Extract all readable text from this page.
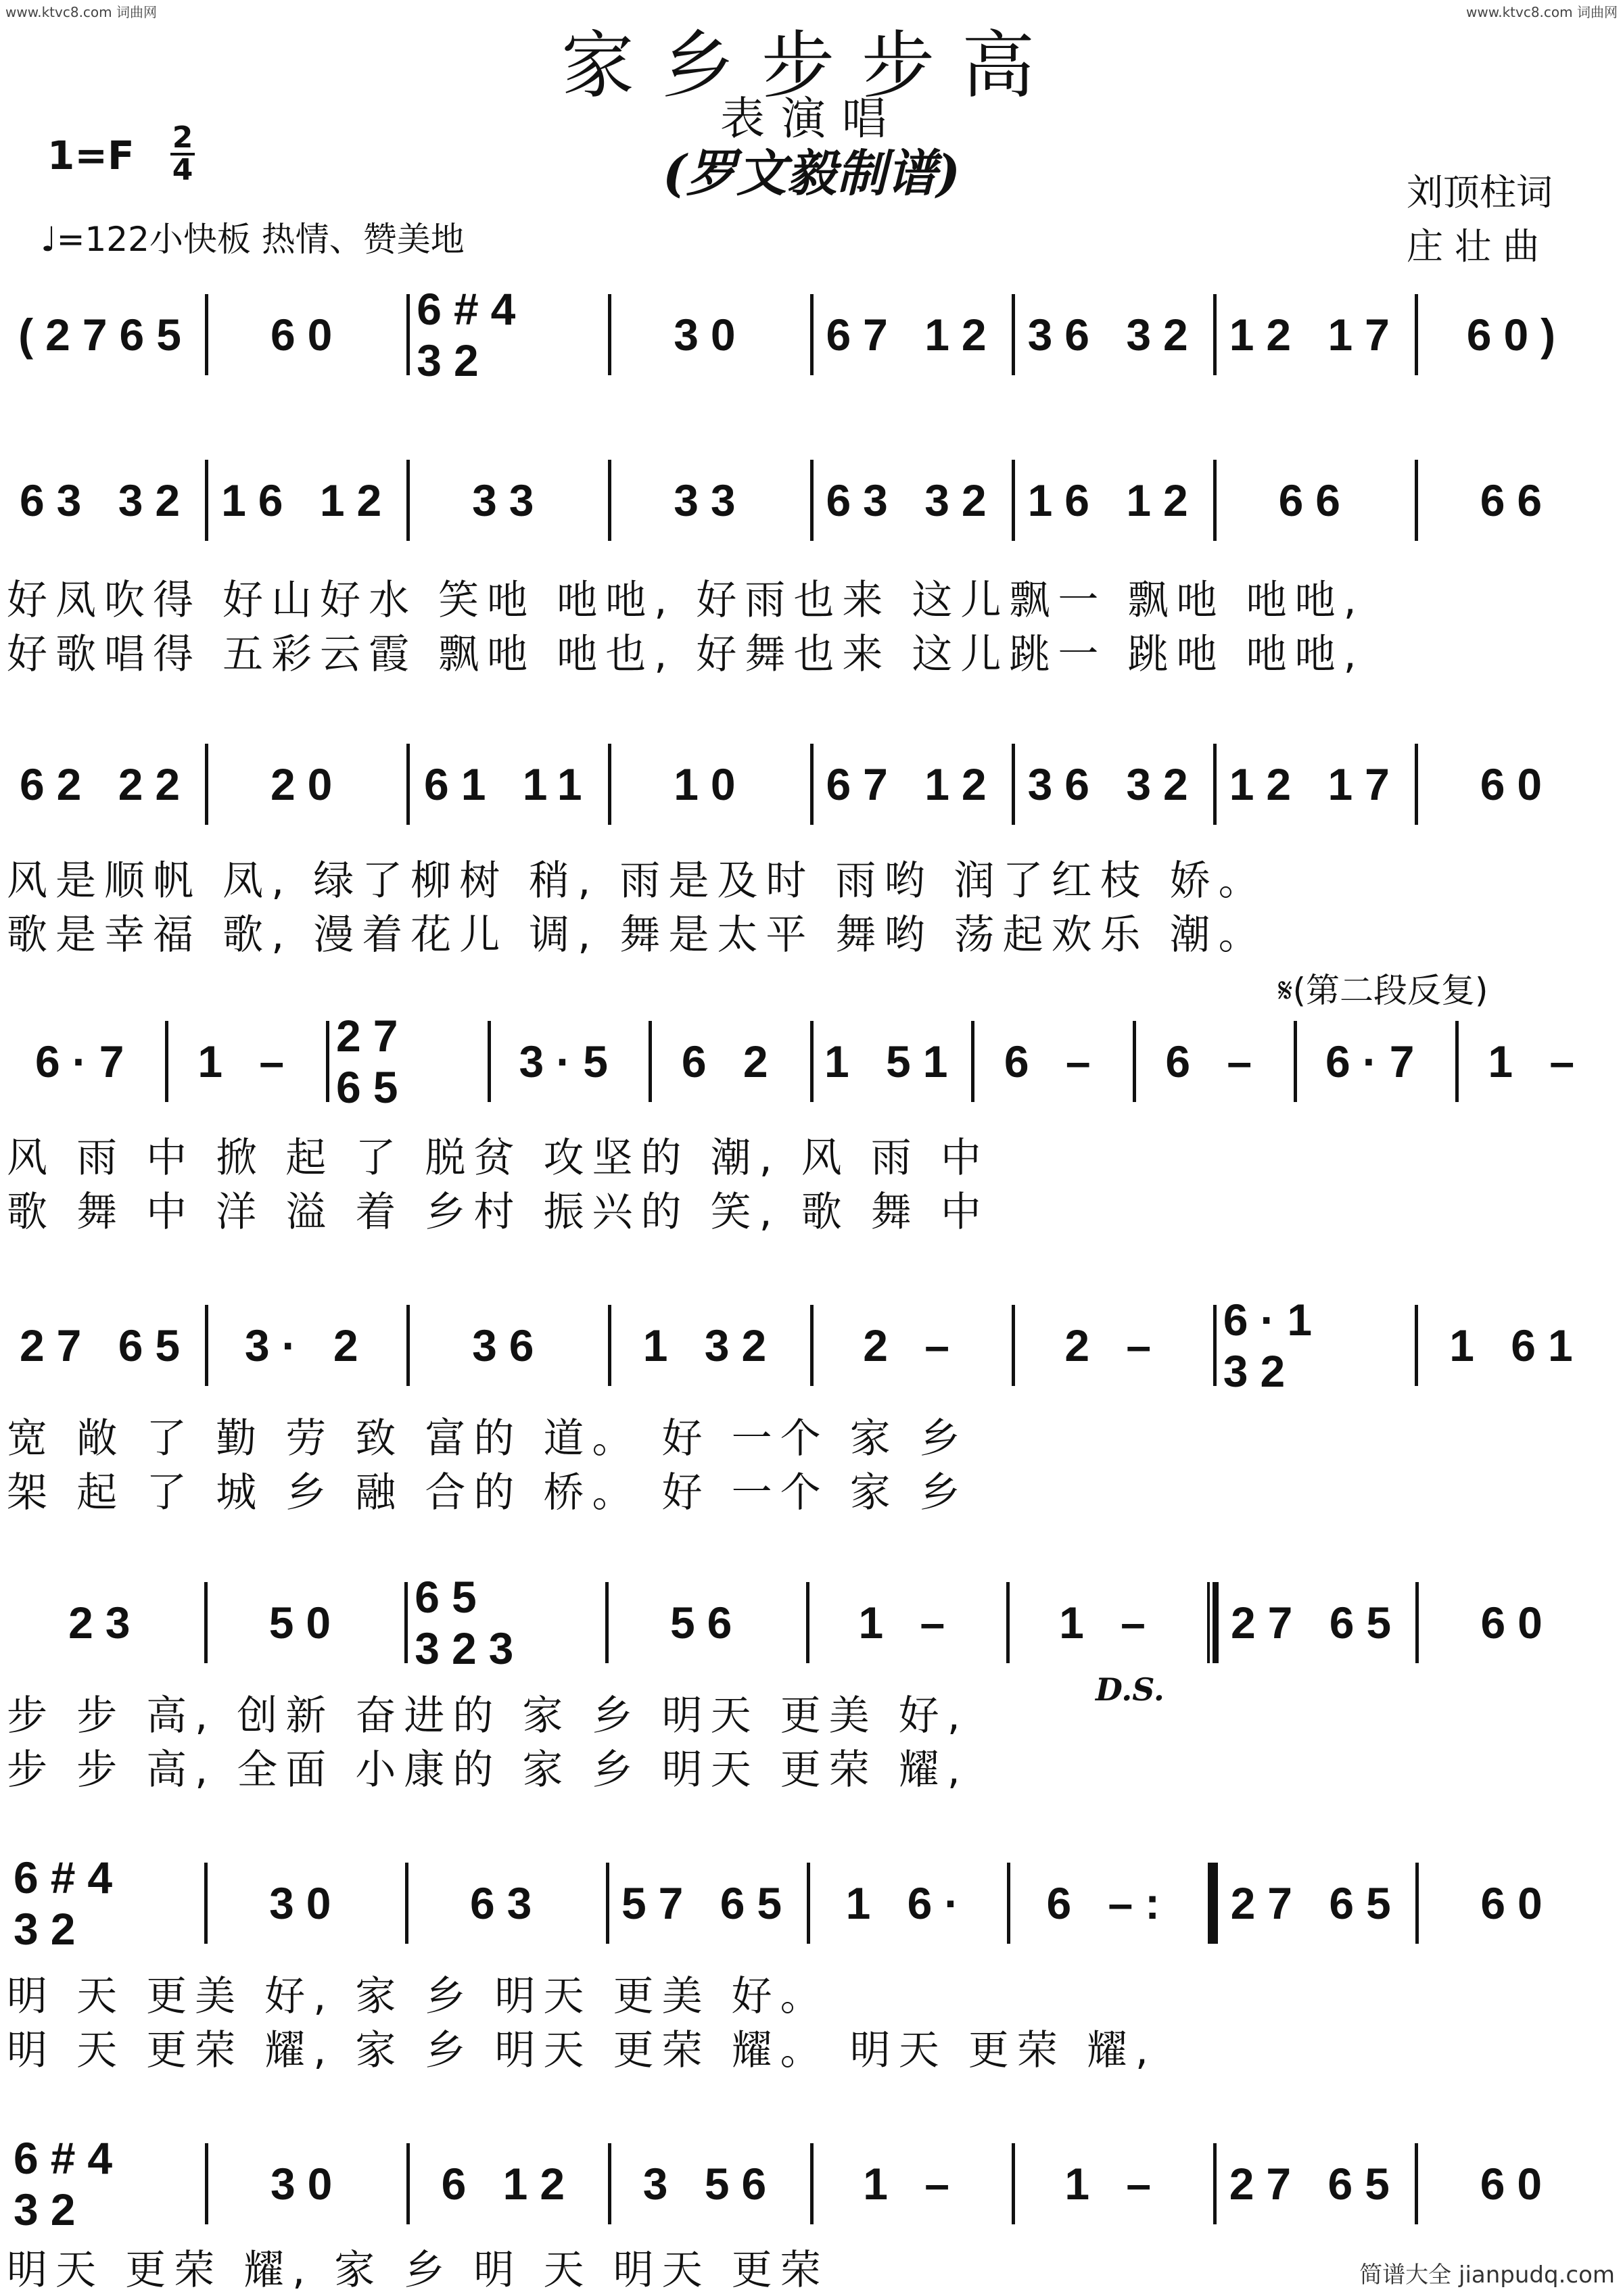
www.ktvc8.com 词曲网	www.ktvc8.com 词曲网
家乡步步高
表演唱
(罗文毅制谱)
1=F 2
4
♩=122小快板 热情、赞美地
刘顶柱词
庄 壮 曲
(2765 60
6#4 32
30 67 12 36 32 12 17 60)
63 32 16 12 33	33 63 32 16 12 66	66
好凤吹得 好山好水 笑吔 吔吔, 好雨也来 这儿飘一 飘吔 吔吔,
好歌唱得 五彩云霞 飘吔 吔也, 好舞也来 这儿跳一 跳吔 吔吔,
62 22 20 61 11 10 67 12 36 32 12 17 60
风是顺帆 凤, 绿了柳树 稍, 雨是及时 雨哟 润了红枝 娇。
歌是幸福 歌, 漫着花儿 调, 舞是太平 舞哟 荡起欢乐 潮。
𝄋(第二段反复)
6·7 1 –
27 65
3·5 6 2 1 51 6 – 6 – 6·7 1 –
风 雨 中 掀 起 了 脱贫 攻坚的 潮, 风 雨 中
歌 舞 中 洋 溢 着 乡村 振兴的 笑, 歌 舞 中
27 65 3· 2 36 1 32 2 – 2 –
6·1 32
1 61
宽 敞 了 勤 劳 致 富的 道。 好 一个 家 乡
架 起 了 城 乡 融 合的 桥。 好 一个 家 乡
23	50
65 323
56	1 – 1 – 27 65 60
步 步 高, 创新 奋进的 家 乡 明天 更美 好,
步 步 高, 全面 小康的 家 乡 明天 更荣 耀,
D.S.
6#4 32
30	63 57 65 1 6· 6 –: 27 65 60
明 天 更美 好, 家 乡 明天 更美 好。
明 天 更荣 耀, 家 乡 明天 更荣 耀。 明天 更荣 耀,
6#4 32
30 6 12 3 56 1 – 1 – 27 65 60
明天 更荣 耀, 家 乡 明 天 明天 更荣	简谱大全 jianpudq.com
